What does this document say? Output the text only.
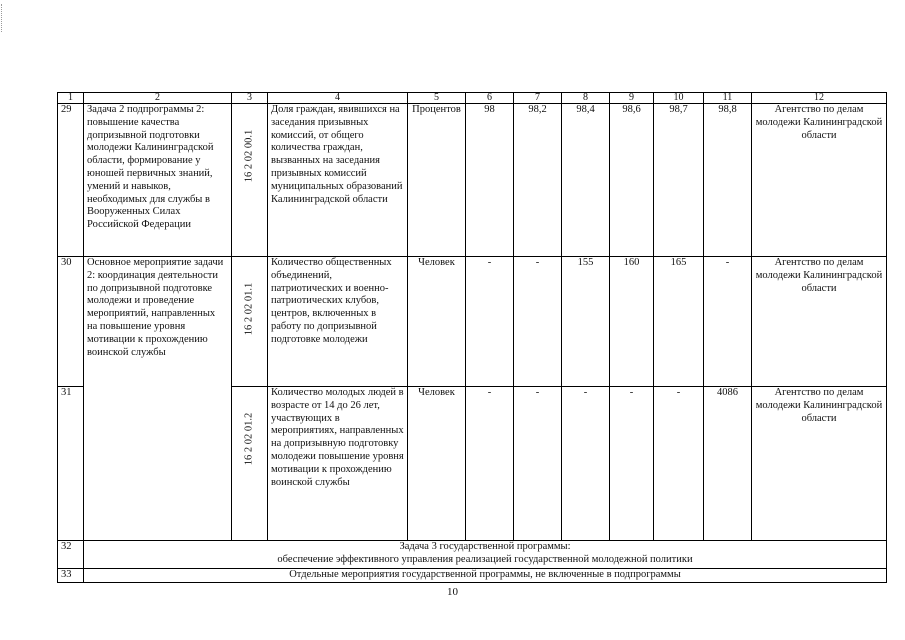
1	2	3	4	5	6	7	8	9	10	11	12
29	Задача 2 подпрограммы 2: повышение качества допризывной подготовки молодежи Калининградской области, формирование у юношей первичных знаний, умений и навыков, необходимых для службы в Вооруженных Силах Российской Федерации	16 2 02 00.1	Доля граждан, явившихся на заседания призывных комиссий, от общего количества граждан, вызванных на заседания призывных комиссий муниципальных образований Калининградской области	Процентов	98	98,2	98,4	98,6	98,7	98,8	Агентство по делам молодежи Калининградской области
30	Основное мероприятие задачи 2: координация деятельности по допризывной подготовке молодежи и проведение мероприятий, направленных на повышение уровня мотивации к прохождению воинской службы	16 2 02 01.1	Количество общественных объединений, патриотических и военно-патриотических клубов, центров, включенных в работу по допризывной подготовке молодежи	Человек	-	-	155	160	165	-	Агентство по делам молодежи Калининградской области
31		16 2 02 01.2	Количество молодых людей в возрасте от 14 до 26 лет, участвующих в мероприятиях, направленных на допризывную подготовку молодежи повышение уровня мотивации к прохождению воинской службы	Человек	-	-	-	-	-	4086	Агентство по делам молодежи Калининградской области
32	Задача 3 государственной программы:
обеспечение эффективного управления реализацией государственной молодежной политики										

33	Отдельные мероприятия государственной программы, не включенные в подпрограммы										
10
